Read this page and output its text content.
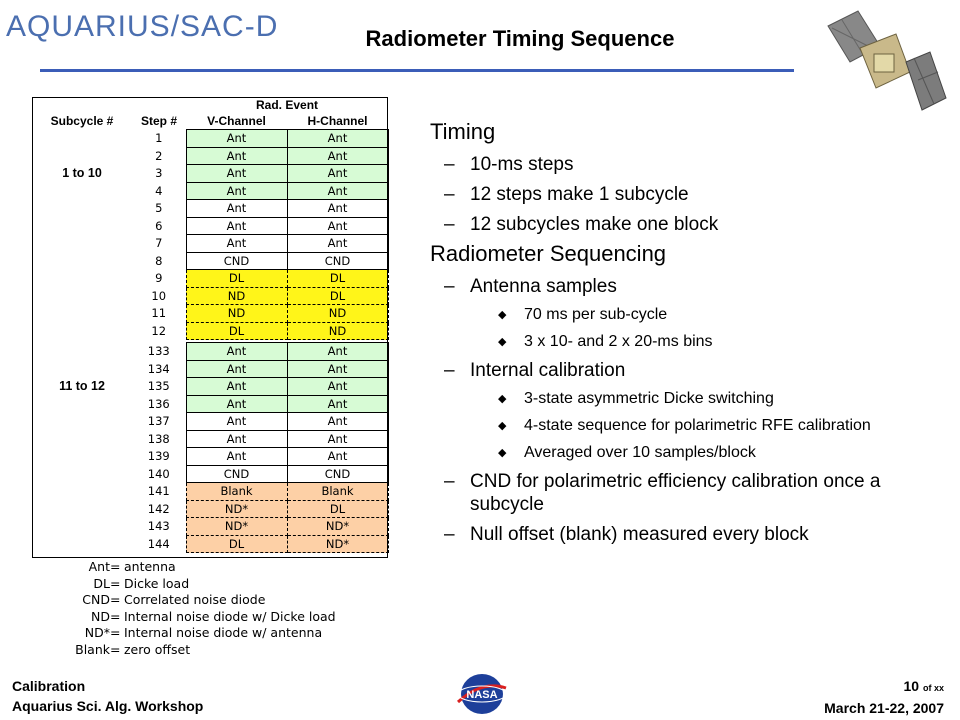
AQUARIUS/SAC-D	Radiometer Timing Sequence
		Rad. Event	
Subcycle #	Step #	V-Channel	H-Channel
1 to 10	1	Ant	Ant
	2	Ant	Ant
	3	Ant	Ant
	4	Ant	Ant
	5	Ant	Ant
	6	Ant	Ant
	7	Ant	Ant
	8	CND	CND
	9	DL	DL
	10	ND	DL
	11	ND	ND
	12	DL	ND

11 to 12	133	Ant	Ant
	134	Ant	Ant
	135	Ant	Ant
	136	Ant	Ant
	137	Ant	Ant
	138	Ant	Ant
	139	Ant	Ant
	140	CND	CND
	141	Blank	Blank
	142	ND*	DL
	143	ND*	ND*
	144	DL	ND*
Ant = antenna
DL = Dicke load
CND = Correlated noise diode
ND = Internal noise diode w/ Dicke load
ND* = Internal noise diode w/ antenna
Blank = zero offset
Timing
– 10-ms steps
– 12 steps make 1 subcycle
– 12 subcycles make one block
Radiometer Sequencing
– Antenna samples
◆	70 ms per sub-cycle
◆	3 x 10- and 2 x 20-ms bins
– Internal calibration
◆	3-state asymmetric Dicke switching
◆	4-state sequence for polarimetric RFE calibration
◆	Averaged over 10 samples/block
– CND for polarimetric efficiency calibration once a subcycle
– Null offset (blank) measured every block
Calibration
Aquarius Sci. Alg. Workshop
NASA
10 of xx
March 21-22, 2007
